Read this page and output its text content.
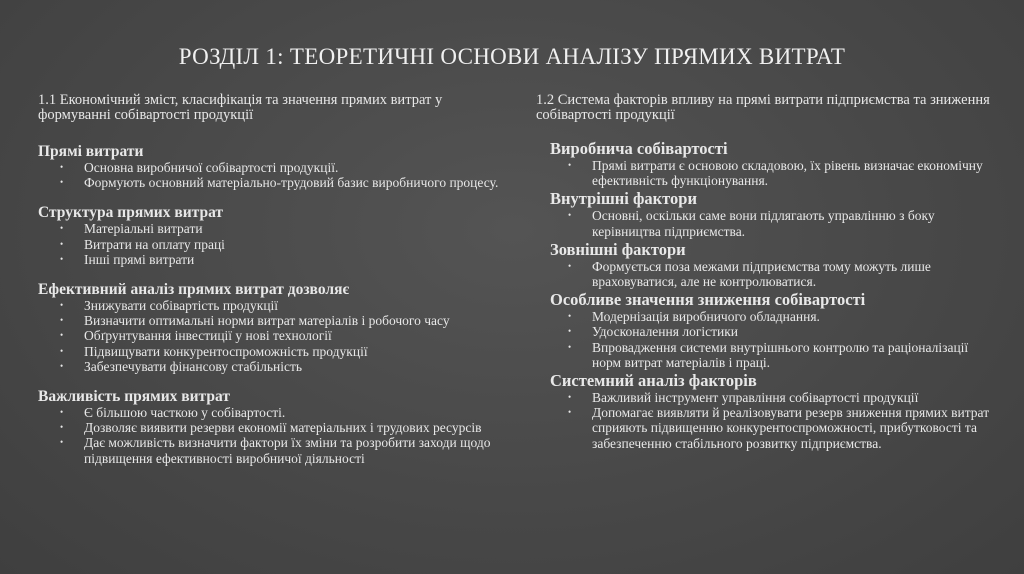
РОЗДІЛ 1: ТЕОРЕТИЧНІ ОСНОВИ АНАЛІЗУ ПРЯМИХ ВИТРАТ
1.1 Економічний зміст, класифікація та значення прямих витрат у формуванні собівартості продукції
Прямі витрати
• Основна виробничої собівартості продукції.
• Формують основний матеріально-трудовий базис виробничого процесу.
Структура прямих витрат
• Матеріальні витрати
• Витрати на оплату праці
• Інші прямі витрати
Ефективний аналіз прямих витрат дозволяє
• Знижувати собівартість продукції
• Визначити оптимальні норми витрат матеріалів і робочого часу
• Обґрунтування інвестиції у нові технології
• Підвищувати конкурентоспроможність продукції
• Забезпечувати фінансову стабільність
Важливість прямих витрат
• Є більшою часткою у собівартості.
• Дозволяє виявити резерви економії матеріальних і трудових ресурсів
• Дає можливість визначити фактори їх зміни та розробити заходи щодо підвищення ефективності виробничої діяльності
1.2 Система факторів впливу на прямі витрати підприємства та зниження собівартості продукції
Виробнича собівартості
• Прямі витрати є основою складовою, їх рівень визначає економічну ефективність функціонування.
Внутрішні фактори
• Основні, оскільки саме вони підлягають управлінню з боку керівництва підприємства.
Зовнішні фактори
• Формується поза межами підприємства тому можуть лише враховуватися, але не контролюватися.
Особливе значення зниження собівартості
• Модернізація виробничого обладнання.
• Удосконалення логістики
• Впровадження системи внутрішнього контролю та раціоналізації норм витрат матеріалів і праці.
Системний аналіз факторів
• Важливий інструмент управління собівартості продукції
• Допомагає виявляти й реалізовувати резерв зниження прямих витрат сприяють підвищенню конкурентоспроможності, прибутковості та забезпеченню стабільного розвитку підприємства.
